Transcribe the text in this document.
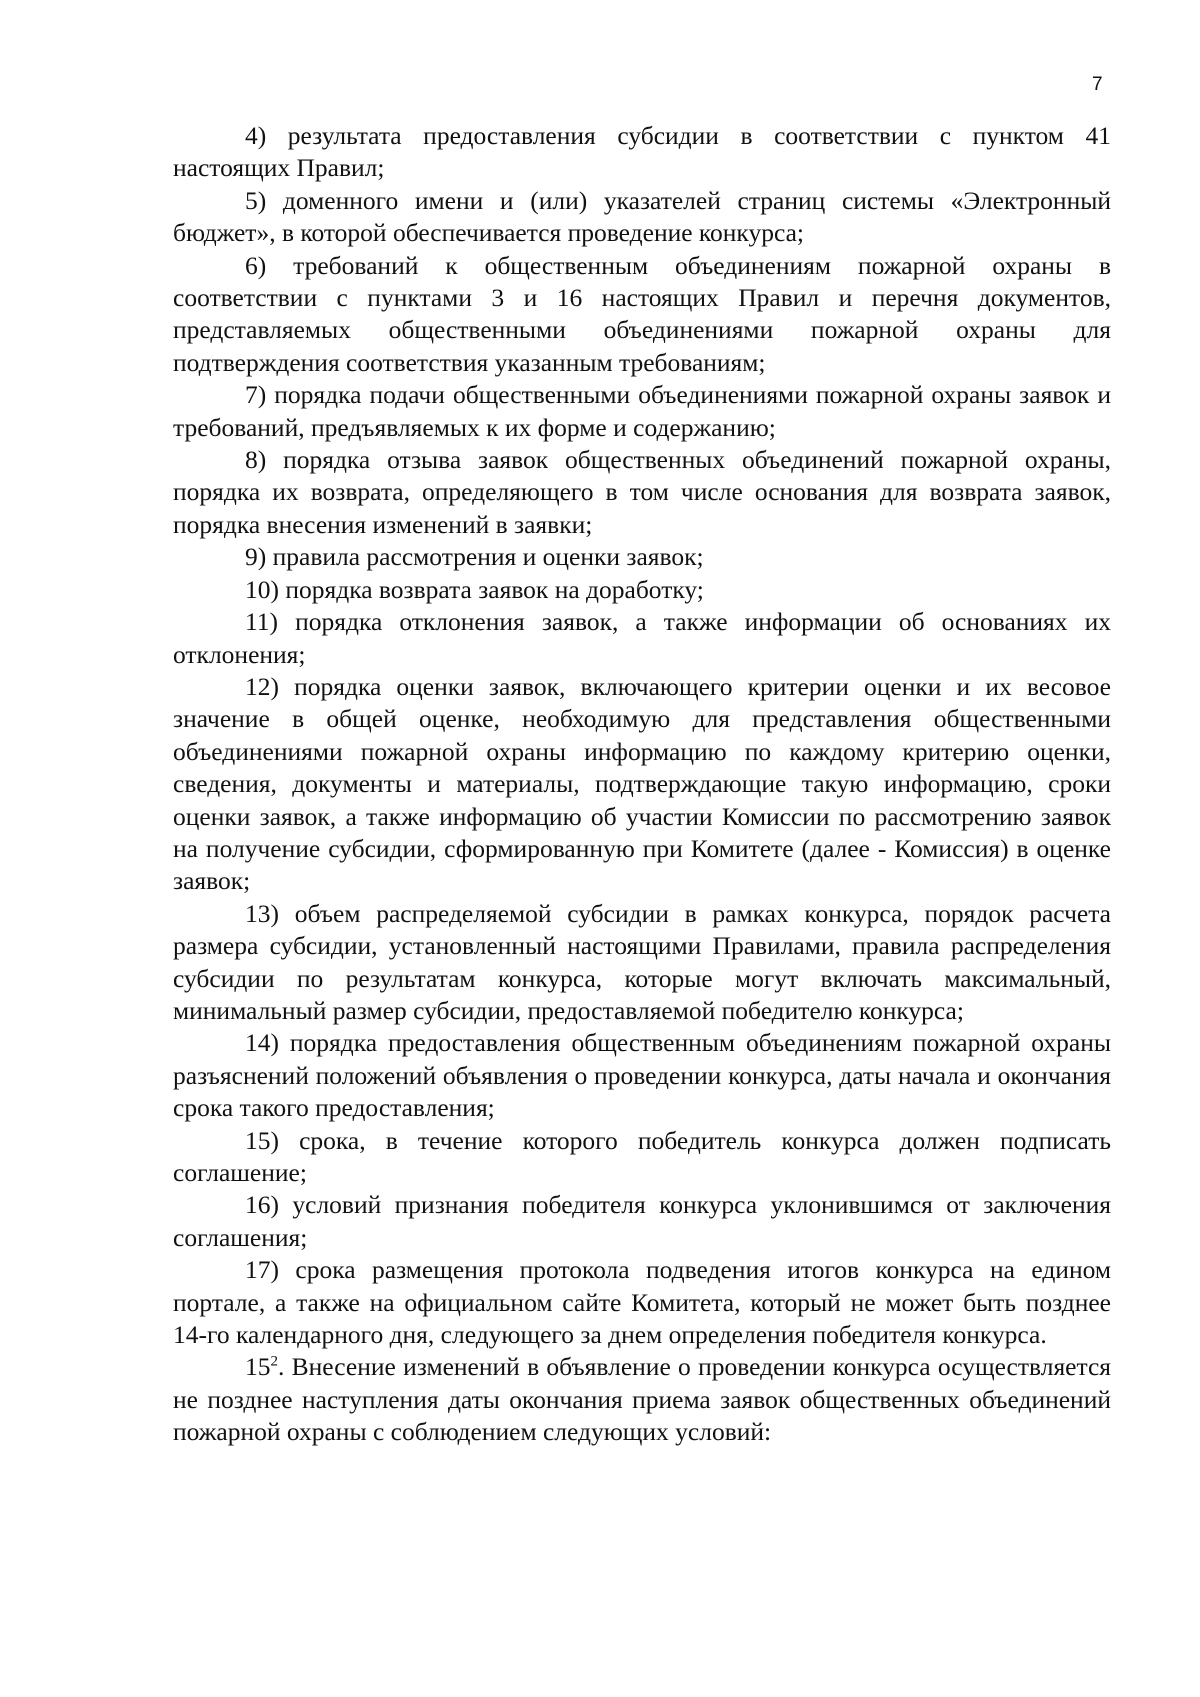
7

4) результата предоставления субсидии в соответствии с пунктом 41 настоящих Правил;

5) доменного имени и (или) указателей страниц системы «Электронный бюджет», в которой обеспечивается проведение конкурса;

6) требований к общественным объединениям пожарной охраны в соответствии с пунктами 3 и 16 настоящих Правил и перечня документов, представляемых общественными объединениями пожарной охраны для подтверждения соответствия указанным требованиям;

7) порядка подачи общественными объединениями пожарной охраны заявок и требований, предъявляемых к их форме и содержанию;

8) порядка отзыва заявок общественных объединений пожарной охраны, порядка их возврата, определяющего в том числе основания для возврата заявок, порядка внесения изменений в заявки;

9) правила рассмотрения и оценки заявок;

10) порядка возврата заявок на доработку;

11) порядка отклонения заявок, а также информации об основаниях их отклонения;

12) порядка оценки заявок, включающего критерии оценки и их весовое значение в общей оценке, необходимую для представления общественными объединениями пожарной охраны информацию по каждому критерию оценки, сведения, документы и материалы, подтверждающие такую информацию, сроки оценки заявок, а также информацию об участии Комиссии по рассмотрению заявок на получение субсидии, сформированную при Комитете (далее - Комиссия) в оценке заявок;

13) объем распределяемой субсидии в рамках конкурса, порядок расчета размера субсидии, установленный настоящими Правилами, правила распределения субсидии по результатам конкурса, которые могут включать максимальный, минимальный размер субсидии, предоставляемой победителю конкурса;

14) порядка предоставления общественным объединениям пожарной охраны разъяснений положений объявления о проведении конкурса, даты начала и окончания срока такого предоставления;

15) срока, в течение которого победитель конкурса должен подписать соглашение;

16) условий признания победителя конкурса уклонившимся от заключения соглашения;

17) срока размещения протокола подведения итогов конкурса на едином портале, а также на официальном сайте Комитета, который не может быть позднее 14-го календарного дня, следующего за днем определения победителя конкурса.

$15^2$. Внесение изменений в объявление о проведении конкурса осуществляется не позднее наступления даты окончания приема заявок общественных объединений пожарной охраны с соблюдением следующих условий:
